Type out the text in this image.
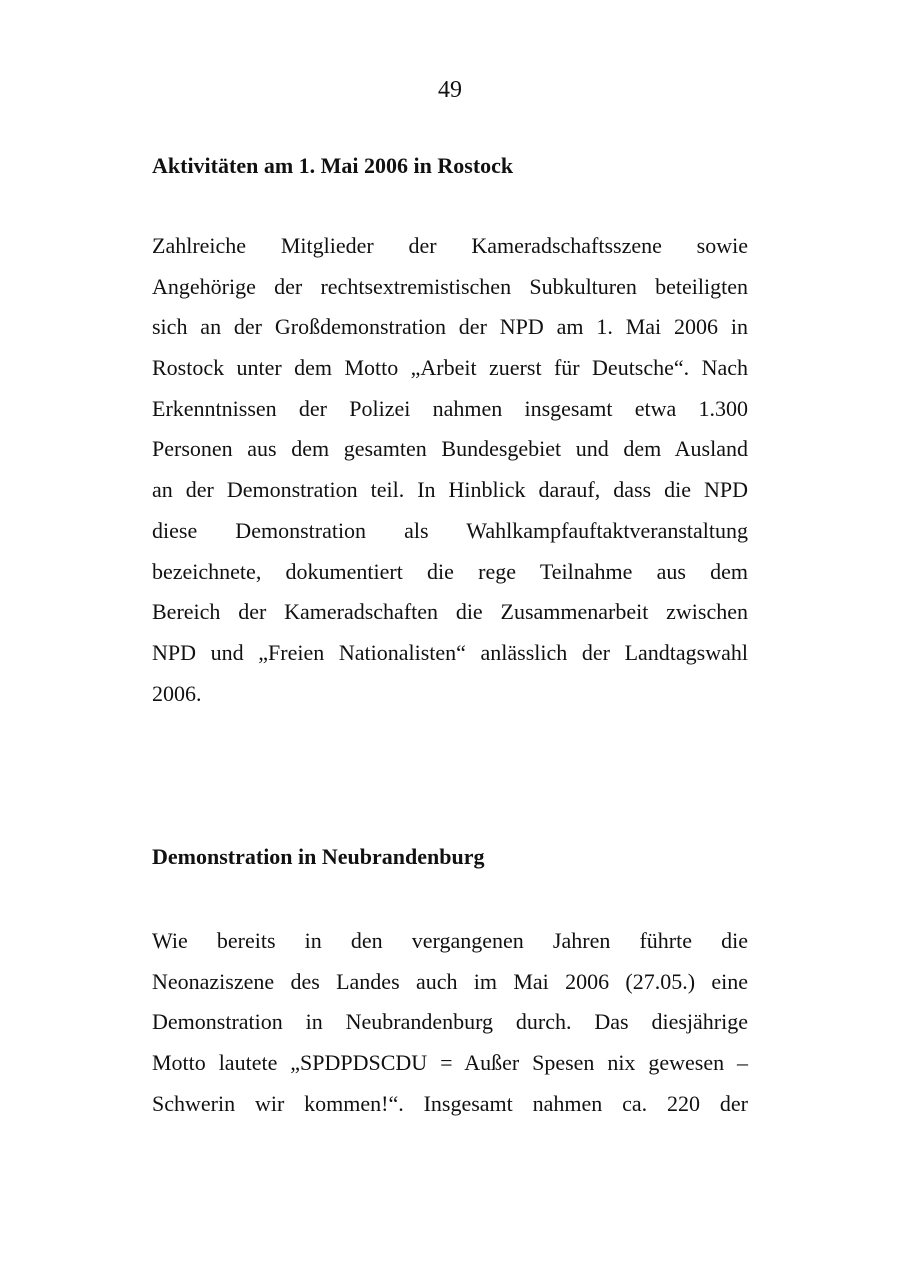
49
Aktivitäten am 1. Mai 2006 in Rostock

Zahlreiche Mitglieder der Kameradschaftsszene sowie
Angehörige der rechtsextremistischen Subkulturen beteiligten
sich an der Großdemonstration der NPD am 1. Mai 2006 in
Rostock unter dem Motto „Arbeit zuerst für Deutsche“. Nach
Erkenntnissen der Polizei nahmen insgesamt etwa 1.300
Personen aus dem gesamten Bundesgebiet und dem Ausland
an der Demonstration teil. In Hinblick darauf, dass die NPD
diese Demonstration als Wahlkampfauftaktveranstaltung
bezeichnete, dokumentiert die rege Teilnahme aus dem
Bereich der Kameradschaften die Zusammenarbeit zwischen
NPD und „Freien Nationalisten“ anlässlich der Landtagswahl
2006.

Demonstration in Neubrandenburg

Wie bereits in den vergangenen Jahren führte die
Neonaziszene des Landes auch im Mai 2006 (27.05.) eine
Demonstration in Neubrandenburg durch. Das diesjährige
Motto lautete „SPDPDSCDU = Außer Spesen nix gewesen –
Schwerin wir kommen!“. Insgesamt nahmen ca. 220 der
